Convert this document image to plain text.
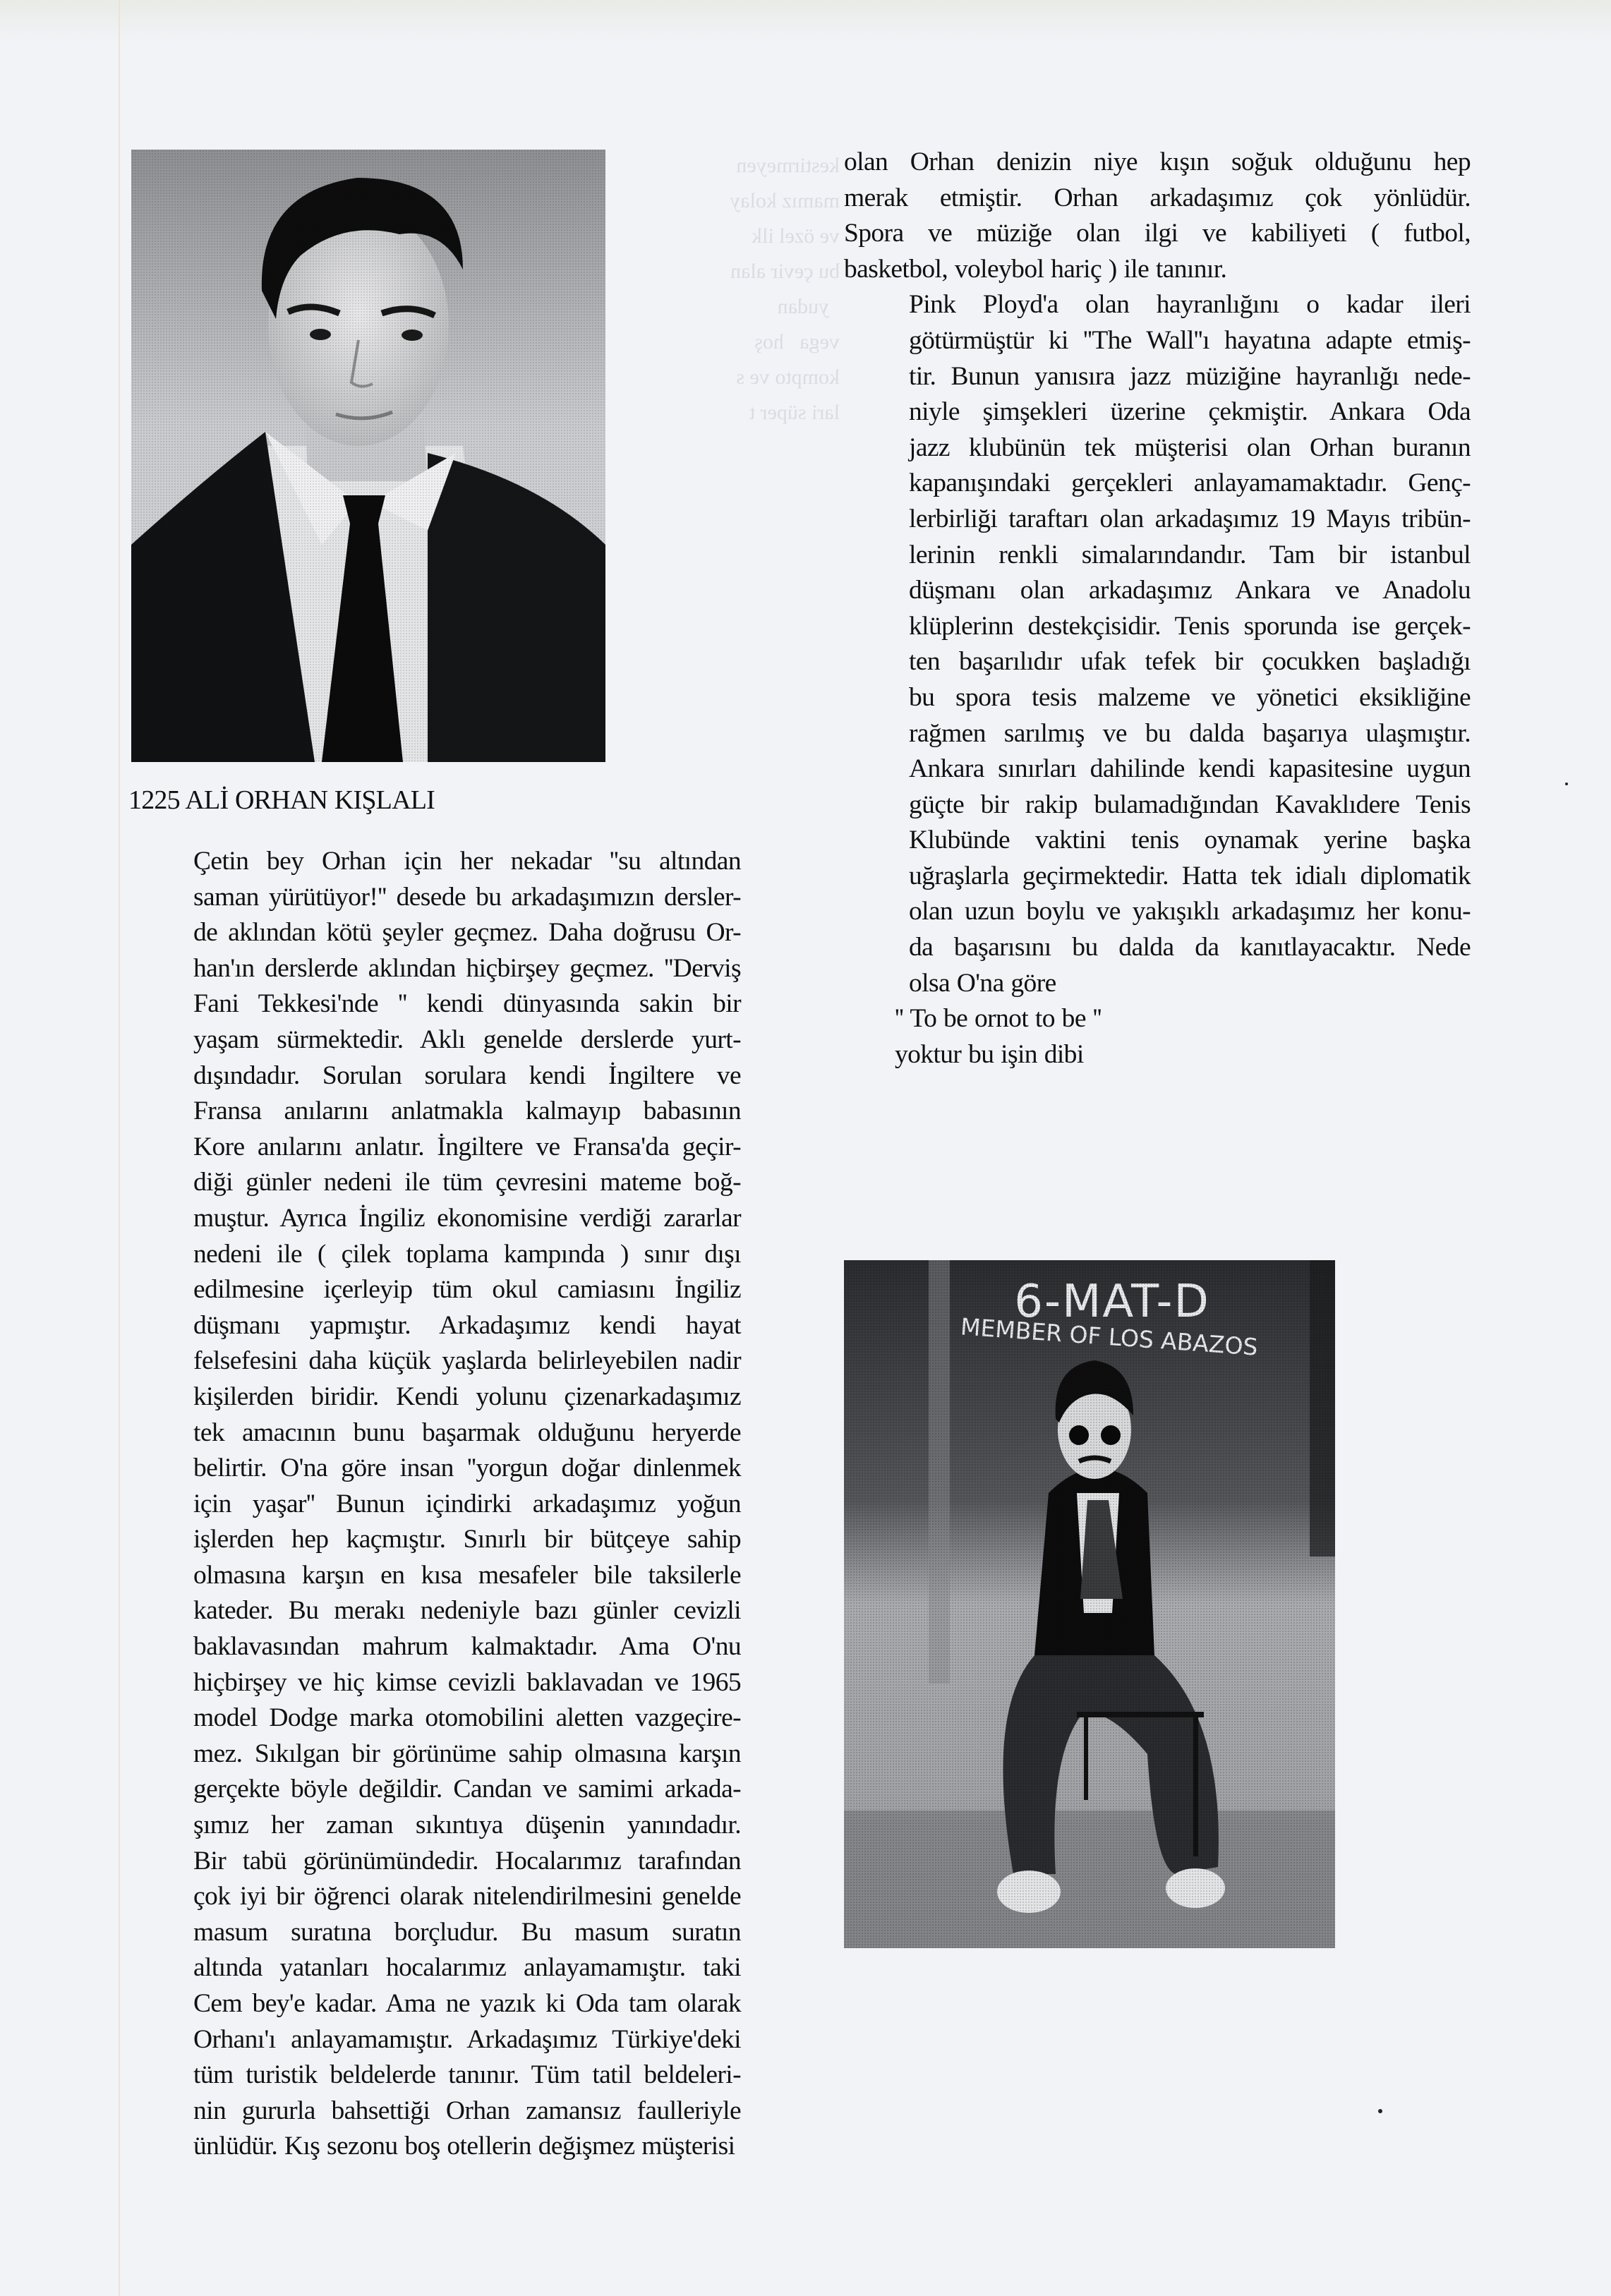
kestirmeyen
mamız kolay
ve özel ilk
bu çevir alan
yudan
vega   hoş
kompto ve s
lari süper t
1225 ALİ ORHAN KIŞLALI
Çetin bey Orhan için her nekadar ''su altından
saman yürütüyor!'' desede bu arkadaşımızın dersler-
de aklından kötü şeyler geçmez. Daha doğrusu Or-
han'ın derslerde aklından hiçbirşey geçmez. ''Derviş
Fani Tekkesi'nde '' kendi dünyasında sakin bir
yaşam sürmektedir. Aklı genelde derslerde yurt-
dışındadır. Sorulan sorulara kendi İngiltere ve
Fransa anılarını anlatmakla kalmayıp babasının
Kore anılarını anlatır. İngiltere ve Fransa'da geçir-
diği günler nedeni ile tüm çevresini mateme boğ-
muştur. Ayrıca İngiliz ekonomisine verdiği zararlar
nedeni ile ( çilek toplama kampında ) sınır dışı
edilmesine içerleyip tüm okul camiasını İngiliz
düşmanı yapmıştır. Arkadaşımız kendi hayat
felsefesini daha küçük yaşlarda belirleyebilen nadir
kişilerden biridir. Kendi yolunu çizenarkadaşımız
tek amacının bunu başarmak olduğunu heryerde
belirtir. O'na göre insan ''yorgun doğar dinlenmek
için yaşar'' Bunun içindirki arkadaşımız yoğun
işlerden hep kaçmıştır. Sınırlı bir bütçeye sahip
olmasına karşın en kısa mesafeler bile taksilerle
kateder. Bu merakı nedeniyle bazı günler cevizli
baklavasından mahrum kalmaktadır. Ama O'nu
hiçbirşey ve hiç kimse cevizli baklavadan ve 1965
model Dodge marka otomobilini aletten vazgeçire-
mez. Sıkılgan bir görünüme sahip olmasına karşın
gerçekte böyle değildir. Candan ve samimi arkada-
şımız her zaman sıkıntıya düşenin yanındadır.
Bir tabü görünümündedir. Hocalarımız tarafından
çok iyi bir öğrenci olarak nitelendirilmesini genelde
masum suratına borçludur. Bu masum suratın
altında yatanları hocalarımız anlayamamıştır. taki
Cem bey'e kadar. Ama ne yazık ki Oda tam olarak
Orhanı'ı anlayamamıştır. Arkadaşımız Türkiye'deki
tüm turistik beldelerde tanınır. Tüm tatil beldeleri-
nin gururla bahsettiği Orhan zamansız faulleriyle
ünlüdür. Kış sezonu boş otellerin değişmez müşterisi
olan Orhan denizin niye kışın soğuk olduğunu hep
merak etmiştir. Orhan arkadaşımız çok yönlüdür.
Spora ve müziğe olan ilgi ve kabiliyeti ( futbol,
basketbol, voleybol hariç ) ile tanınır.
Pink Ployd'a olan hayranlığını o kadar ileri
götürmüştür ki ''The Wall''ı hayatına adapte etmiş-
tir. Bunun yanısıra jazz müziğine hayranlığı nede-
niyle şimşekleri üzerine çekmiştir. Ankara Oda
jazz klubünün tek müşterisi olan Orhan buranın
kapanışındaki gerçekleri anlayamamaktadır. Genç-
lerbirliği taraftarı olan arkadaşımız 19 Mayıs tribün-
lerinin renkli simalarındandır. Tam bir istanbul
düşmanı olan arkadaşımız Ankara ve Anadolu
klüplerinn destekçisidir. Tenis sporunda ise gerçek-
ten başarılıdır ufak tefek bir çocukken başladığı
bu spora tesis malzeme ve yönetici eksikliğine
rağmen sarılmış ve bu dalda başarıya ulaşmıştır.
Ankara sınırları dahilinde kendi kapasitesine uygun
güçte bir rakip bulamadığından Kavaklıdere Tenis
Klubünde vaktini tenis oynamak yerine başka
uğraşlarla geçirmektedir. Hatta tek idialı diplomatik
olan uzun boylu ve yakışıklı arkadaşımız her konu-
da başarısını bu dalda da kanıtlayacaktır. Nede
olsa O'na göre
'' To be ornot to be ''
yoktur bu işin dibi
